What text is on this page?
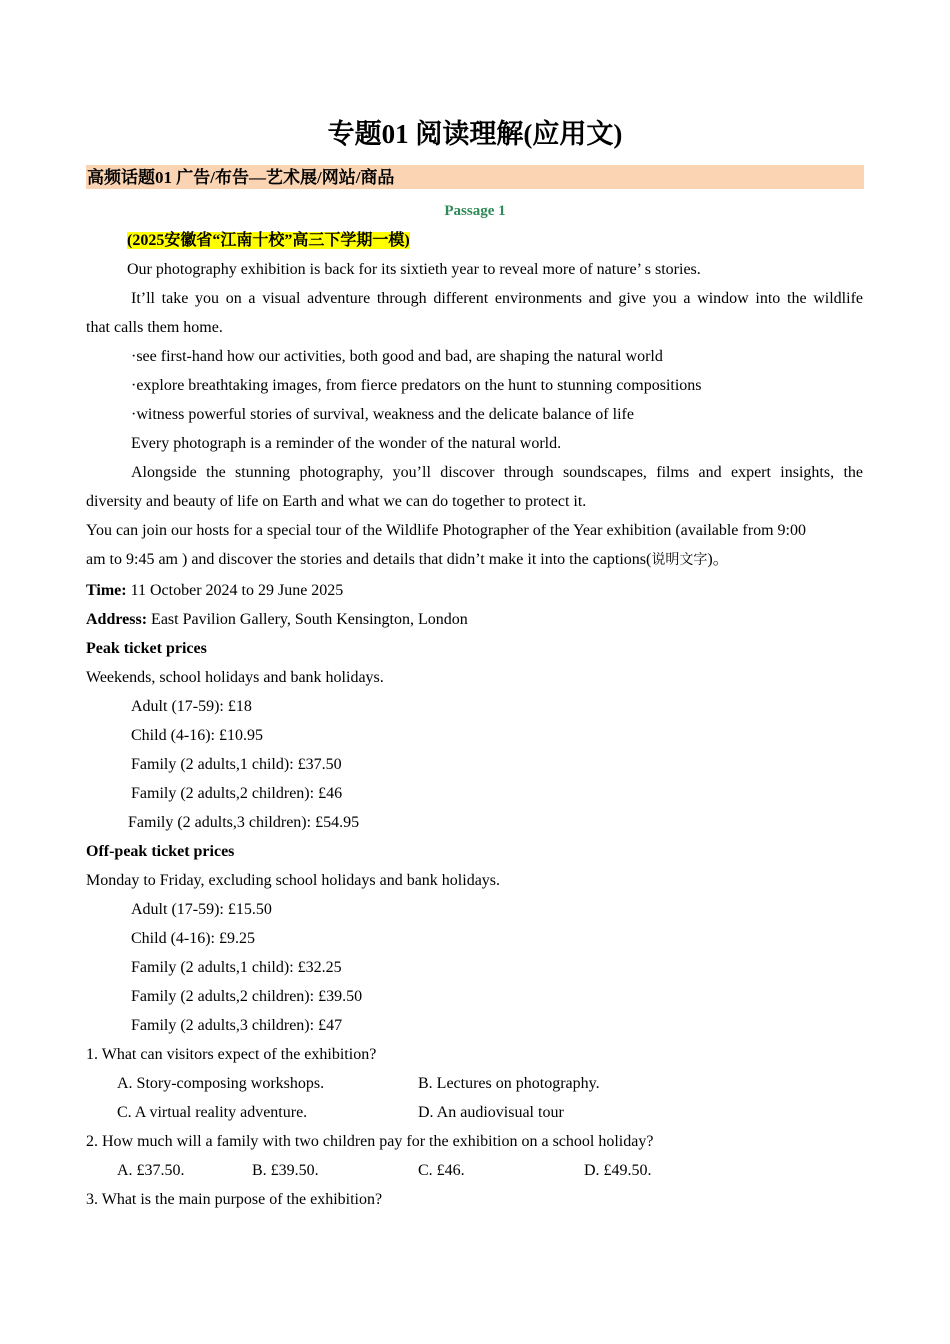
专题01 阅读理解(应用文)
高频话题01 广告/布告—艺术展/网站/商品
Passage 1
(2025安徽省“江南十校”高三下学期一模)
Our photography exhibition is back for its sixtieth year to reveal more of nature’ s stories.
It’ll take you on a visual adventure through different environments and give you a window into the wildlife
that calls them home.
·see first-hand how our activities, both good and bad, are shaping the natural world
·explore breathtaking images, from fierce predators on the hunt to stunning compositions
·witness powerful stories of survival, weakness and the delicate balance of life
Every photograph is a reminder of the wonder of the natural world.
Alongside the stunning photography, you’ll discover through soundscapes, films and expert insights, the
diversity and beauty of life on Earth and what we can do together to protect it.
You can join our hosts for a special tour of the Wildlife Photographer of the Year exhibition (available from 9:00
am to 9:45 am ) and discover the stories and details that didn’t make it into the captions(说明文字)。
Time: 11 October 2024 to 29 June 2025
Address: East Pavilion Gallery, South Kensington, London
Peak ticket prices
Weekends, school holidays and bank holidays.
Adult (17-59): £18
Child (4-16): £10.95
Family (2 adults,1 child): £37.50
Family (2 adults,2 children): £46
Family (2 adults,3 children): £54.95
Off-peak ticket prices
Monday to Friday, excluding school holidays and bank holidays.
Adult (17-59): £15.50
Child (4-16): £9.25
Family (2 adults,1 child): £32.25
Family (2 adults,2 children): £39.50
Family (2 adults,3 children): £47
1. What can visitors expect of the exhibition?
A. Story-composing workshops.	B. Lectures on photography.
C. A virtual reality adventure.	D. An audiovisual tour
2. How much will a family with two children pay for the exhibition on a school holiday?
A. £37.50.	B. £39.50.	C. £46.	D. £49.50.
3. What is the main purpose of the exhibition?
